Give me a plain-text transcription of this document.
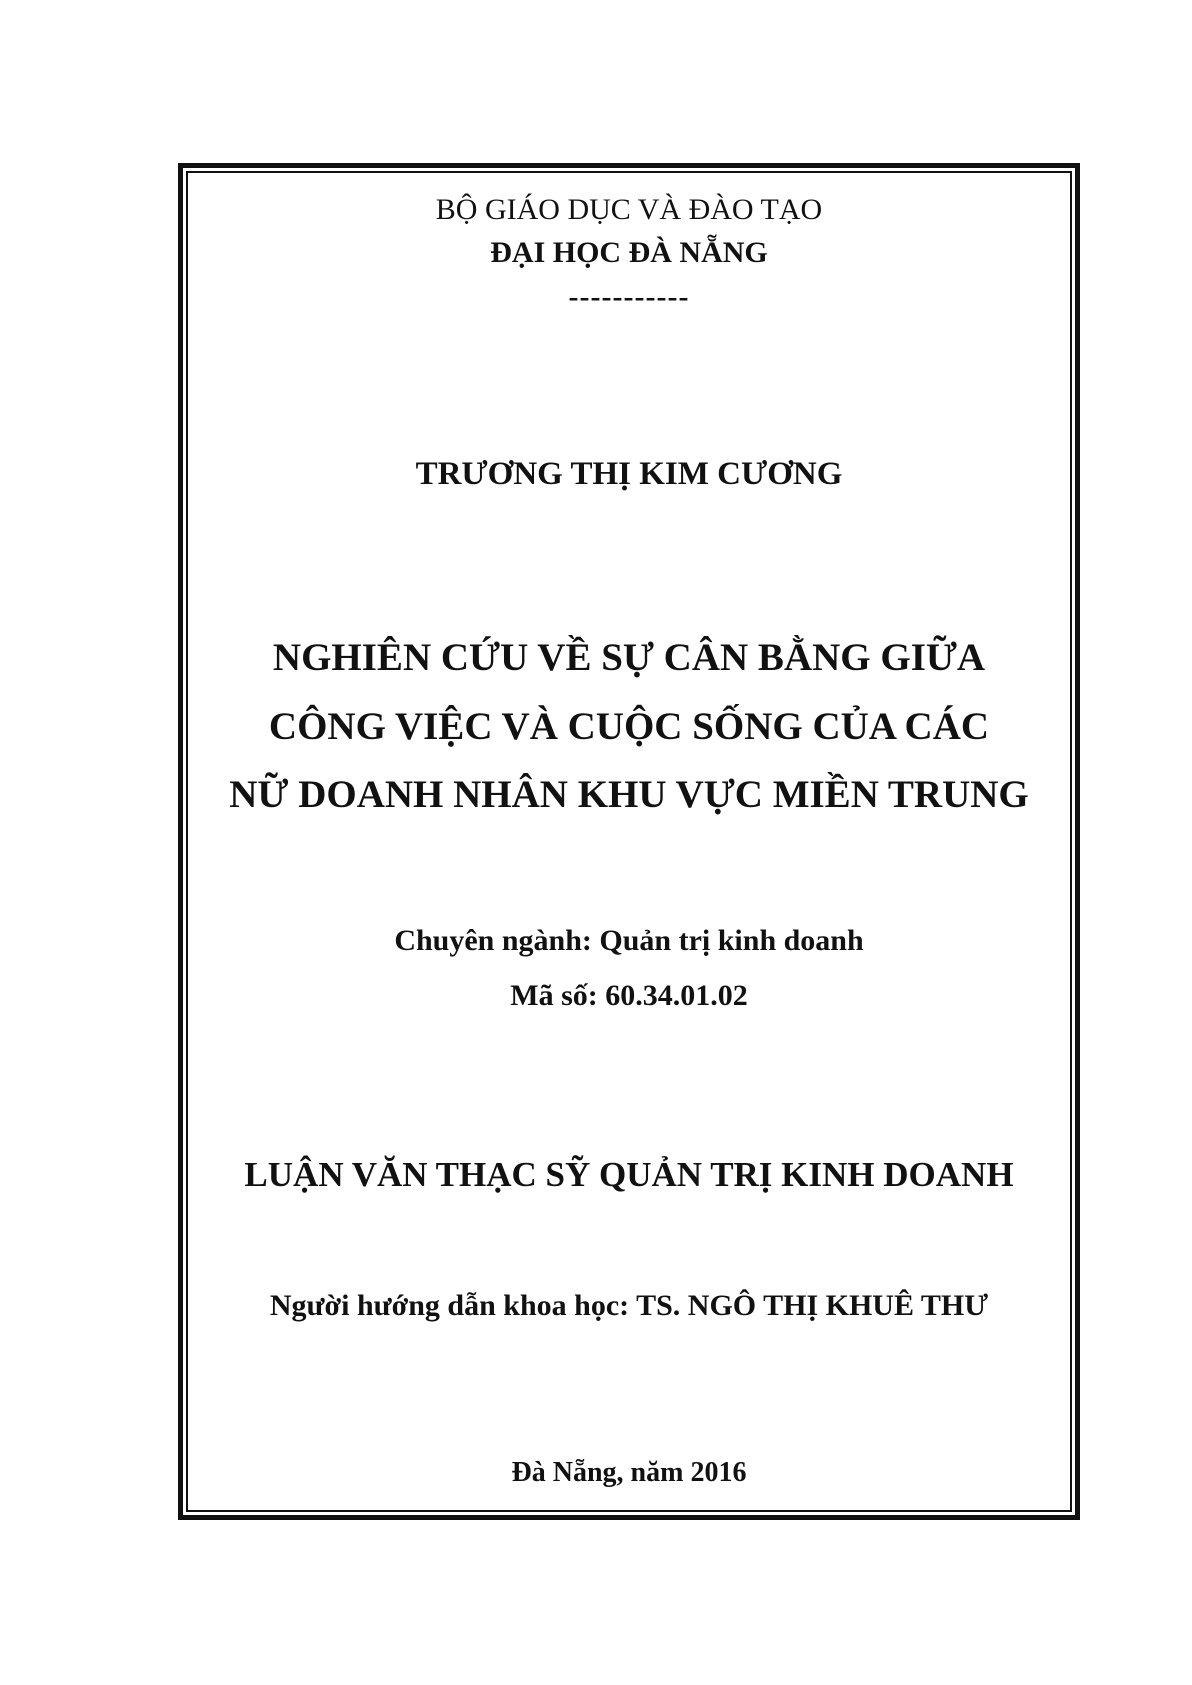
BỘ GIÁO DỤC VÀ ĐÀO TẠO
ĐẠI HỌC ĐÀ NẴNG
-----------
TRƯƠNG THỊ KIM CƯƠNG
NGHIÊN CỨU VỀ SỰ CÂN BẰNG GIỮA
CÔNG VIỆC VÀ CUỘC SỐNG CỦA CÁC
NỮ DOANH NHÂN KHU VỰC MIỀN TRUNG
Chuyên ngành: Quản trị kinh doanh
Mã số: 60.34.01.02
LUẬN VĂN THẠC SỸ QUẢN TRỊ KINH DOANH
Người hướng dẫn khoa học: TS. NGÔ THỊ KHUÊ THƯ
Đà Nẵng, năm 2016
